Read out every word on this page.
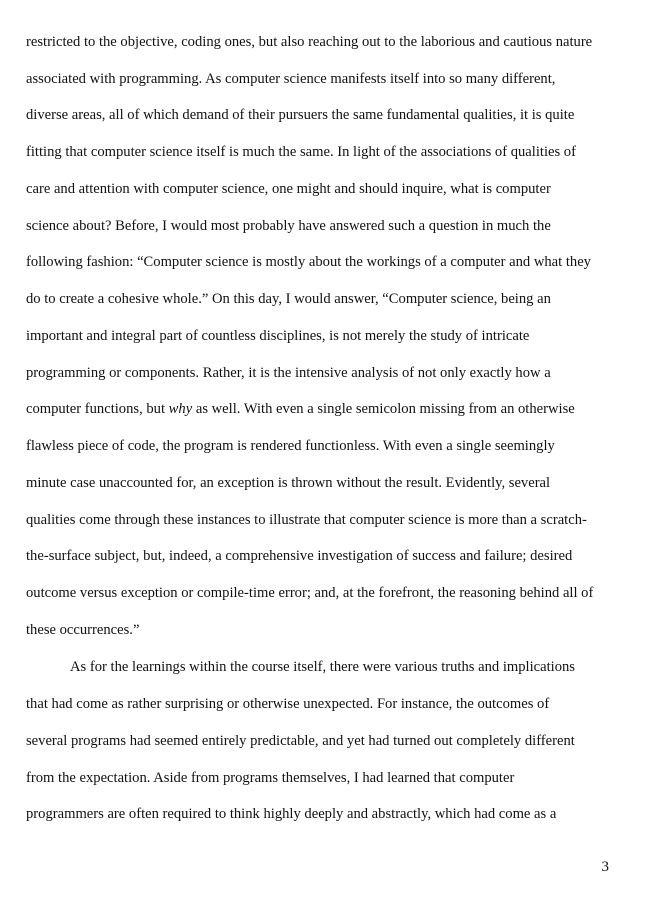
restricted to the objective, coding ones, but also reaching out to the laborious and cautious nature
associated with programming. As computer science manifests itself into so many different,
diverse areas, all of which demand of their pursuers the same fundamental qualities, it is quite
fitting that computer science itself is much the same. In light of the associations of qualities of
care and attention with computer science, one might and should inquire, what is computer
science about? Before, I would most probably have answered such a question in much the
following fashion: “Computer science is mostly about the workings of a computer and what they
do to create a cohesive whole.” On this day, I would answer, “Computer science, being an
important and integral part of countless disciplines, is not merely the study of intricate
programming or components. Rather, it is the intensive analysis of not only exactly how a
computer functions, but why as well. With even a single semicolon missing from an otherwise
flawless piece of code, the program is rendered functionless. With even a single seemingly
minute case unaccounted for, an exception is thrown without the result. Evidently, several
qualities come through these instances to illustrate that computer science is more than a scratch-
the-surface subject, but, indeed, a comprehensive investigation of success and failure; desired
outcome versus exception or compile-time error; and, at the forefront, the reasoning behind all of
these occurrences.”
As for the learnings within the course itself, there were various truths and implications
that had come as rather surprising or otherwise unexpected. For instance, the outcomes of
several programs had seemed entirely predictable, and yet had turned out completely different
from the expectation. Aside from programs themselves, I had learned that computer
programmers are often required to think highly deeply and abstractly, which had come as a
3
